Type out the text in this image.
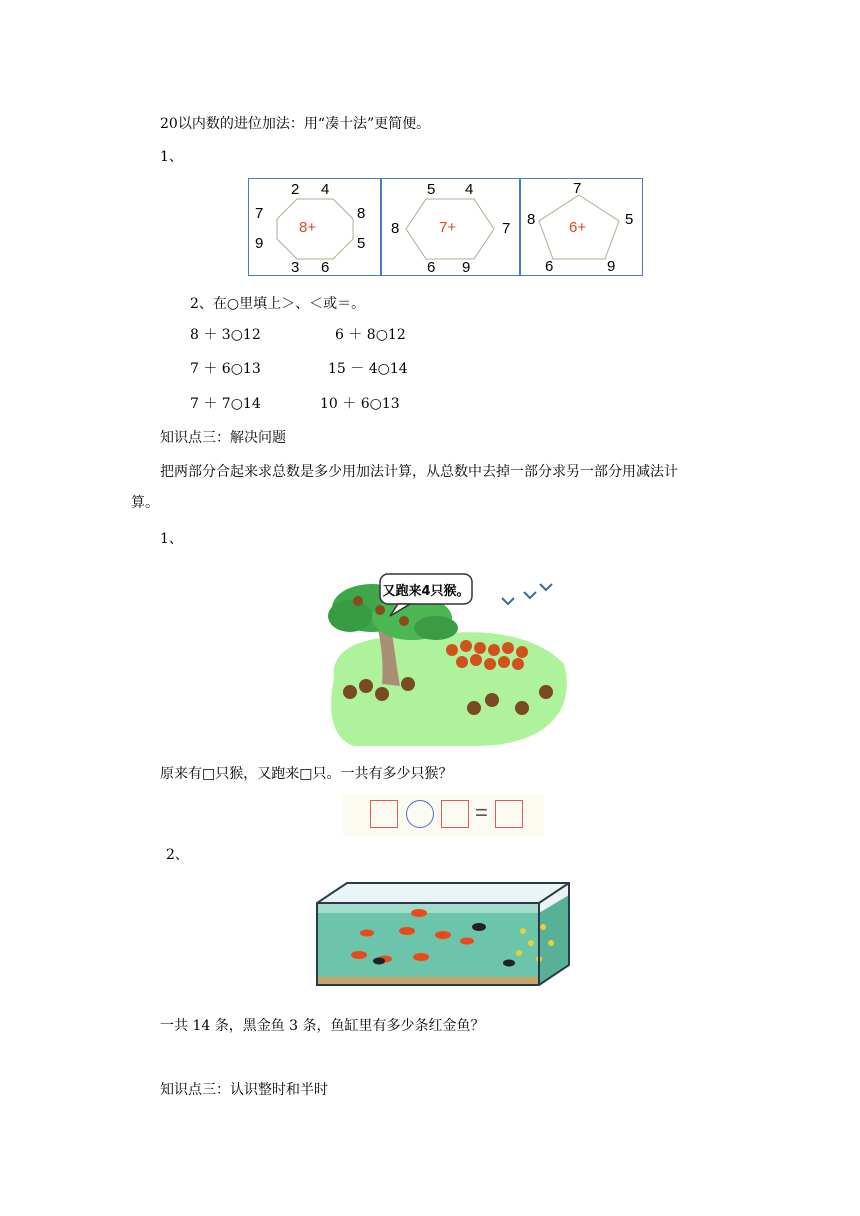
20以内数的进位加法：用“凑十法”更简便。
1、
2 4
7	8
9	5
3 6
8+
5 4
8	7
6 9
7+
7
8	5
6	9
6+
2、在○里填上＞、＜或＝。
8 ＋ 3○12	6 ＋ 8○12
7 ＋ 6○13	15 － 4○14
7 ＋ 7○14	10 ＋ 6○13
知识点三：解决问题
把两部分合起来求总数是多少用加法计算，从总数中去掉一部分求另一部分用减法计
算。
1、
又跑来4只猴。
原来有□只猴，又跑来□只。一共有多少只猴？
=
2、
一共 14 条，黑金鱼 3 条，鱼缸里有多少条红金鱼？
知识点三：认识整时和半时
